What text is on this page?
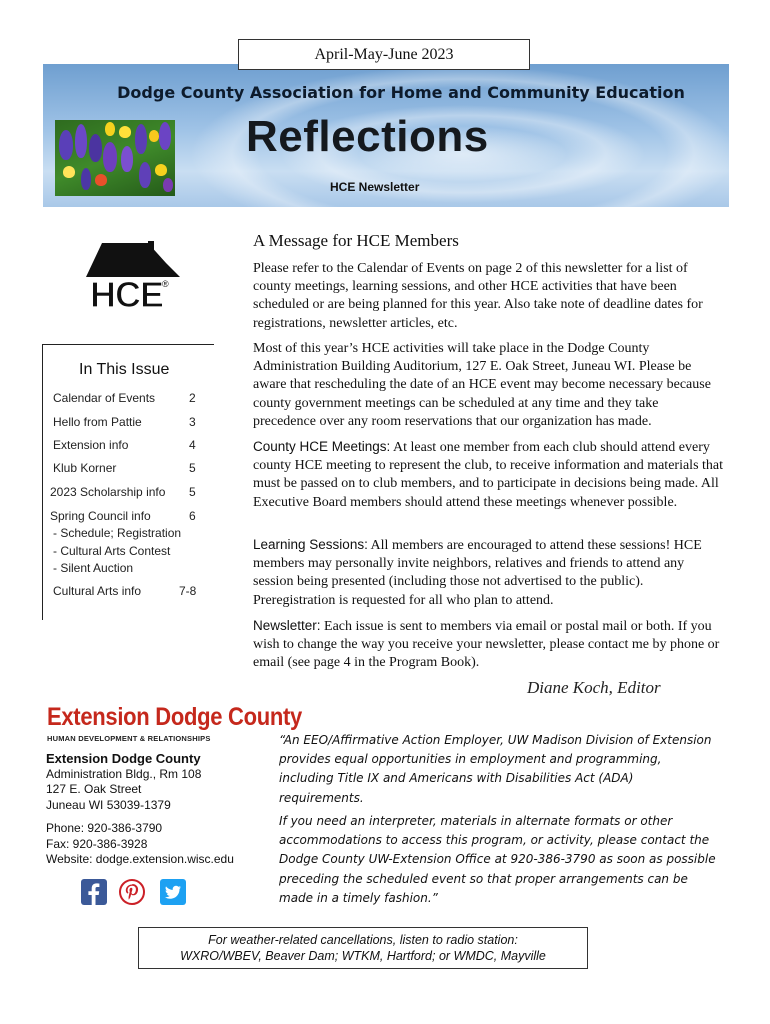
April-May-June 2023
Dodge County Association for Home and Community Education
Reflections
HCE Newsletter
HCE
®
In This Issue
Calendar of Events	2
Hello from Pattie	3
Extension info	4
Klub Korner	5
2023 Scholarship info 5
Spring Council info	6
- Schedule; Registration
- Cultural Arts Contest
- Silent Auction
Cultural Arts info	7-8
A Message for HCE Members
Please refer to the Calendar of Events on page 2 of this newsletter for a list of county meetings, learning sessions, and other HCE activities that have been scheduled or are being planned for this year. Also take note of deadline dates for registrations, newsletter articles, etc.
Most of this year’s HCE activities will take place in the Dodge County Administration Building Auditorium, 127 E. Oak Street, Juneau WI. Please be aware that rescheduling the date of an HCE event may become necessary because county government meetings can be scheduled at any time and they take precedence over any room reservations that our organization has made.
County HCE Meetings: At least one member from each club should attend every county HCE meeting to represent the club, to receive information and materials that must be passed on to club members, and to participate in decisions being made. All Executive Board members should attend these meetings whenever possible.
Learning Sessions: All members are encouraged to attend these sessions! HCE members may personally invite neighbors, relatives and friends to attend any session being presented (including those not advertised to the public). Preregistration is requested for all who plan to attend.
Newsletter: Each issue is sent to members via email or postal mail or both. If you wish to change the way you receive your newsletter, please contact me by phone or email (see page 4 in the Program Book).
Diane Koch, Editor
Extension Dodge County
HUMAN DEVELOPMENT & RELATIONSHIPS
Extension Dodge County
Administration Bldg., Rm 108
127 E. Oak Street
Juneau WI 53039-1379
Phone: 920-386-3790
Fax: 920-386-3928
Website: dodge.extension.wisc.edu
“An EEO/Affirmative Action Employer, UW Madison Division of Extension provides equal opportunities in employment and programming, including Title IX and Americans with Disabilities Act (ADA) requirements.
If you need an interpreter, materials in alternate formats or other accommodations to access this program, or activity, please contact the Dodge County UW-Extension Office at 920-386-3790 as soon as possible preceding the scheduled event so that proper arrangements can be made in a timely fashion.”
For weather-related cancellations, listen to radio station:
WXRO/WBEV, Beaver Dam; WTKM, Hartford; or WMDC, Mayville
